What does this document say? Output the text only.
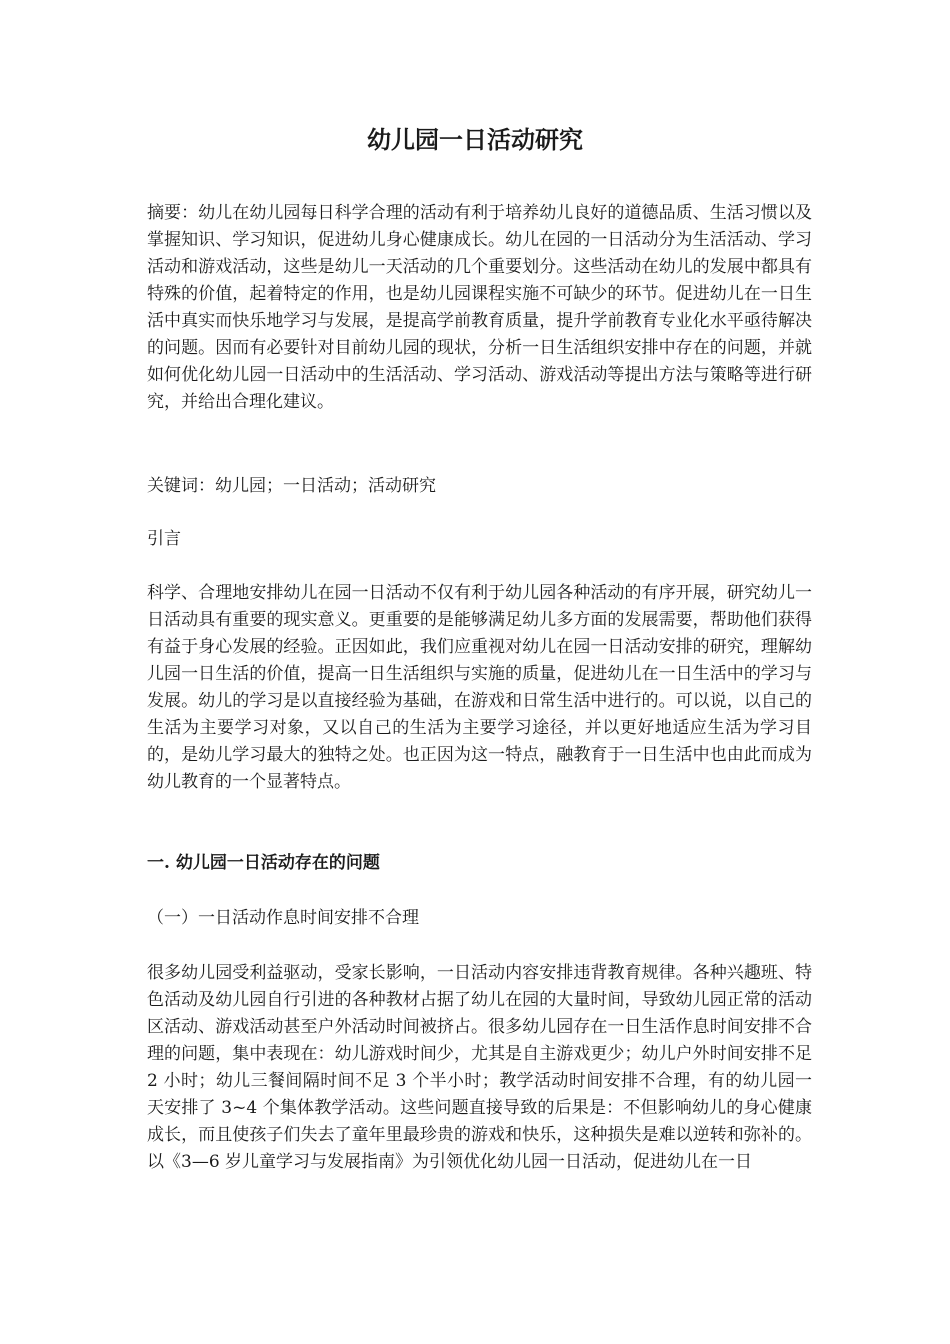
幼儿园一日活动研究

摘要：幼儿在幼儿园每日科学合理的活动有利于培养幼儿良好的道德品质、生活习惯以及掌握知识、学习知识，促进幼儿身心健康成长。幼儿在园的一日活动分为生活活动、学习活动和游戏活动，这些是幼儿一天活动的几个重要划分。这些活动在幼儿的发展中都具有特殊的价值，起着特定的作用，也是幼儿园课程实施不可缺少的环节。促进幼儿在一日生活中真实而快乐地学习与发展，是提高学前教育质量，提升学前教育专业化水平亟待解决的问题。因而有必要针对目前幼儿园的现状，分析一日生活组织安排中存在的问题，并就如何优化幼儿园一日活动中的生活活动、学习活动、游戏活动等提出方法与策略等进行研究，并给出合理化建议。

关键词：幼儿园；一日活动；活动研究

引言

科学、合理地安排幼儿在园一日活动不仅有利于幼儿园各种活动的有序开展，研究幼儿一日活动具有重要的现实意义。更重要的是能够满足幼儿多方面的发展需要，帮助他们获得有益于身心发展的经验。正因如此，我们应重视对幼儿在园一日活动安排的研究，理解幼儿园一日生活的价值，提高一日生活组织与实施的质量，促进幼儿在一日生活中的学习与发展。幼儿的学习是以直接经验为基础，在游戏和日常生活中进行的。可以说，以自己的生活为主要学习对象，又以自己的生活为主要学习途径，并以更好地适应生活为学习目的，是幼儿学习最大的独特之处。也正因为这一特点，融教育于一日生活中也由此而成为幼儿教育的一个显著特点。

一. 幼儿园一日活动存在的问题

（一）一日活动作息时间安排不合理

很多幼儿园受利益驱动，受家长影响，一日活动内容安排违背教育规律。各种兴趣班、特色活动及幼儿园自行引进的各种教材占据了幼儿在园的大量时间，导致幼儿园正常的活动区活动、游戏活动甚至户外活动时间被挤占。很多幼儿园存在一日生活作息时间安排不合理的问题，集中表现在：幼儿游戏时间少，尤其是自主游戏更少；幼儿户外时间安排不足 2 小时；幼儿三餐间隔时间不足 3 个半小时；教学活动时间安排不合理，有的幼儿园一天安排了 3~4 个集体教学活动。这些问题直接导致的后果是：不但影响幼儿的身心健康成长，而且使孩子们失去了童年里最珍贵的游戏和快乐，这种损失是难以逆转和弥补的。以《3—6 岁儿童学习与发展指南》为引领优化幼儿园一日活动，促进幼儿在一日
